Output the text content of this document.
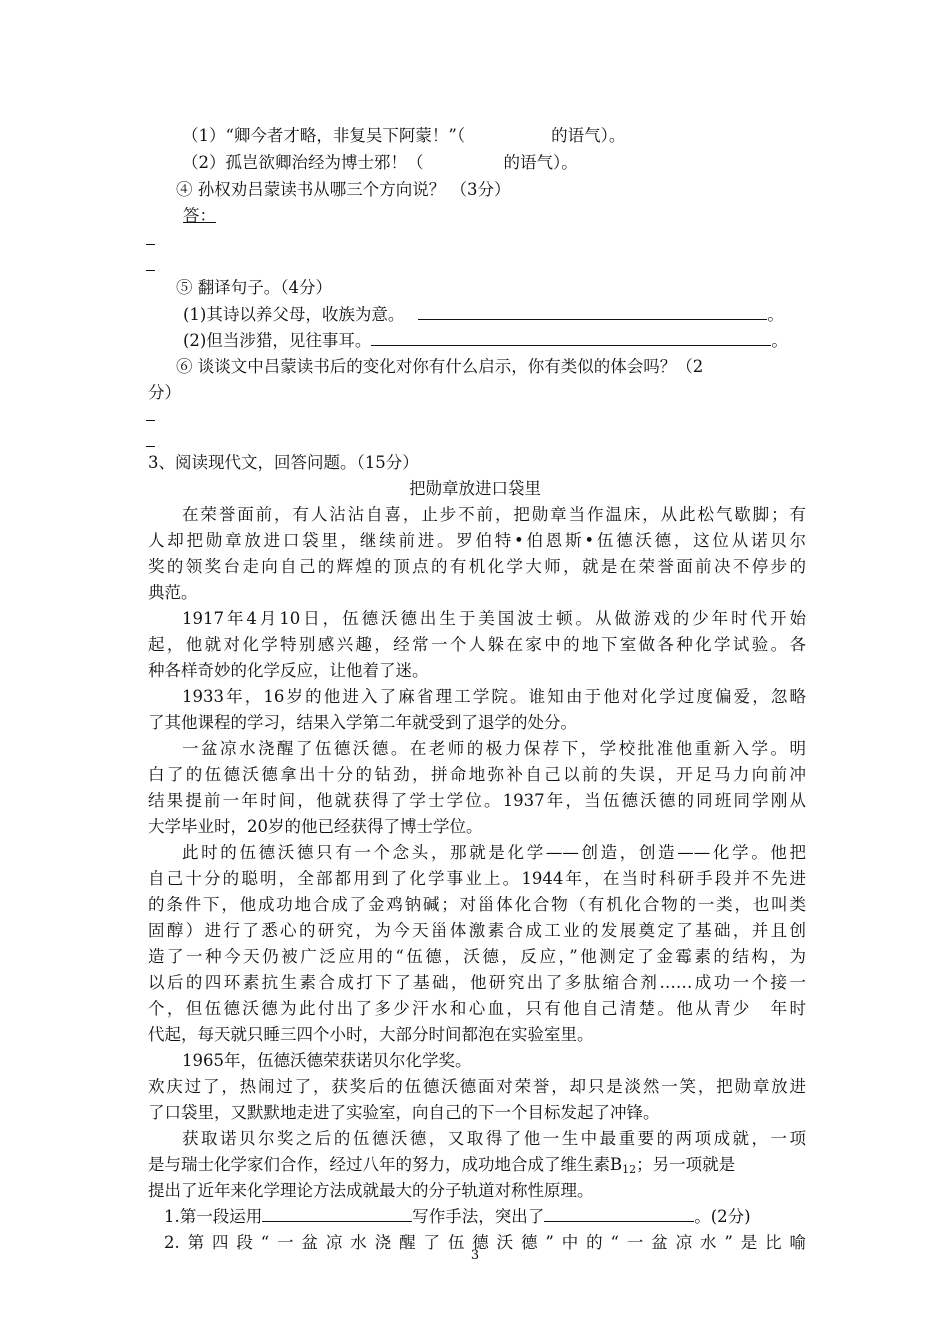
（1）“卿今者才略，非复吴下阿蒙！”（	的语气）。
（2）孤岂欲卿治经为博士邪！（	的语气）。
④ 孙权劝吕蒙读书从哪三个方向说？ （3分）
答：
⑤ 翻译句子。（4分）
(1)其诗以养父母，收族为意。	。
(2)但当涉猎，见往事耳。	。
⑥ 谈谈文中吕蒙读书后的变化对你有什么启示，你有类似的体会吗？（2
分）
3、阅读现代文，回答问题。（15分）
把勋章放进口袋里
在荣誉面前，有人沾沾自喜，止步不前，把勋章当作温床，从此松气歇脚；有
人却把勋章放进口袋里，继续前进。罗伯特•伯恩斯•伍德沃德，这位从诺贝尔
奖的领奖台走向自己的辉煌的顶点的有机化学大师，就是在荣誉面前决不停步的
典范。
1917年4月10日，伍德沃德出生于美国波士顿。从做游戏的少年时代开始
起，他就对化学特别感兴趣，经常一个人躲在家中的地下室做各种化学试验。各
种各样奇妙的化学反应，让他着了迷。
1933年，16岁的他进入了麻省理工学院。谁知由于他对化学过度偏爱，忽略
了其他课程的学习，结果入学第二年就受到了退学的处分。
一盆凉水浇醒了伍德沃德。在老师的极力保荐下，学校批准他重新入学。明
白了的伍德沃德拿出十分的钻劲，拼命地弥补自己以前的失误，开足马力向前冲
结果提前一年时间，他就获得了学士学位。1937年，当伍德沃德的同班同学刚从
大学毕业时，20岁的他已经获得了博士学位。
此时的伍德沃德只有一个念头，那就是化学——创造，创造——化学。他把
自己十分的聪明，全部都用到了化学事业上。1944年，在当时科研手段并不先进
的条件下，他成功地合成了金鸡钠碱；对甾体化合物（有机化合物的一类，也叫类
固醇）进行了悉心的研究，为今天甾体激素合成工业的发展奠定了基础，并且创
造了一种今天仍被广泛应用的“伍德，沃德，反应，”他测定了金霉素的结构，为
以后的四环素抗生素合成打下了基础，他研究出了多肽缩合剂……成功一个接一
个，但伍德沃德为此付出了多少汗水和心血，只有他自己清楚。他从青少　年时
代起，每天就只睡三四个小时，大部分时间都泡在实验室里。
1965年，伍德沃德荣获诺贝尔化学奖。
欢庆过了，热闹过了，获奖后的伍德沃德面对荣誉，却只是淡然一笑，把勋章放进
了口袋里，又默默地走进了实验室，向自己的下一个目标发起了冲锋。
获取诺贝尔奖之后的伍德沃德，又取得了他一生中最重要的两项成就，一项
是与瑞士化学家们合作，经过八年的努力，成功地合成了维生素$B_{12}$；另一项就是
提出了近年来化学理论方法成就最大的分子轨道对称性原理。
1.第一段运用	写作手法，突出了	。(2分)
2.第四段“一盆凉水浇醒了伍德沃德”中的“一盆凉水”是比喻
3
